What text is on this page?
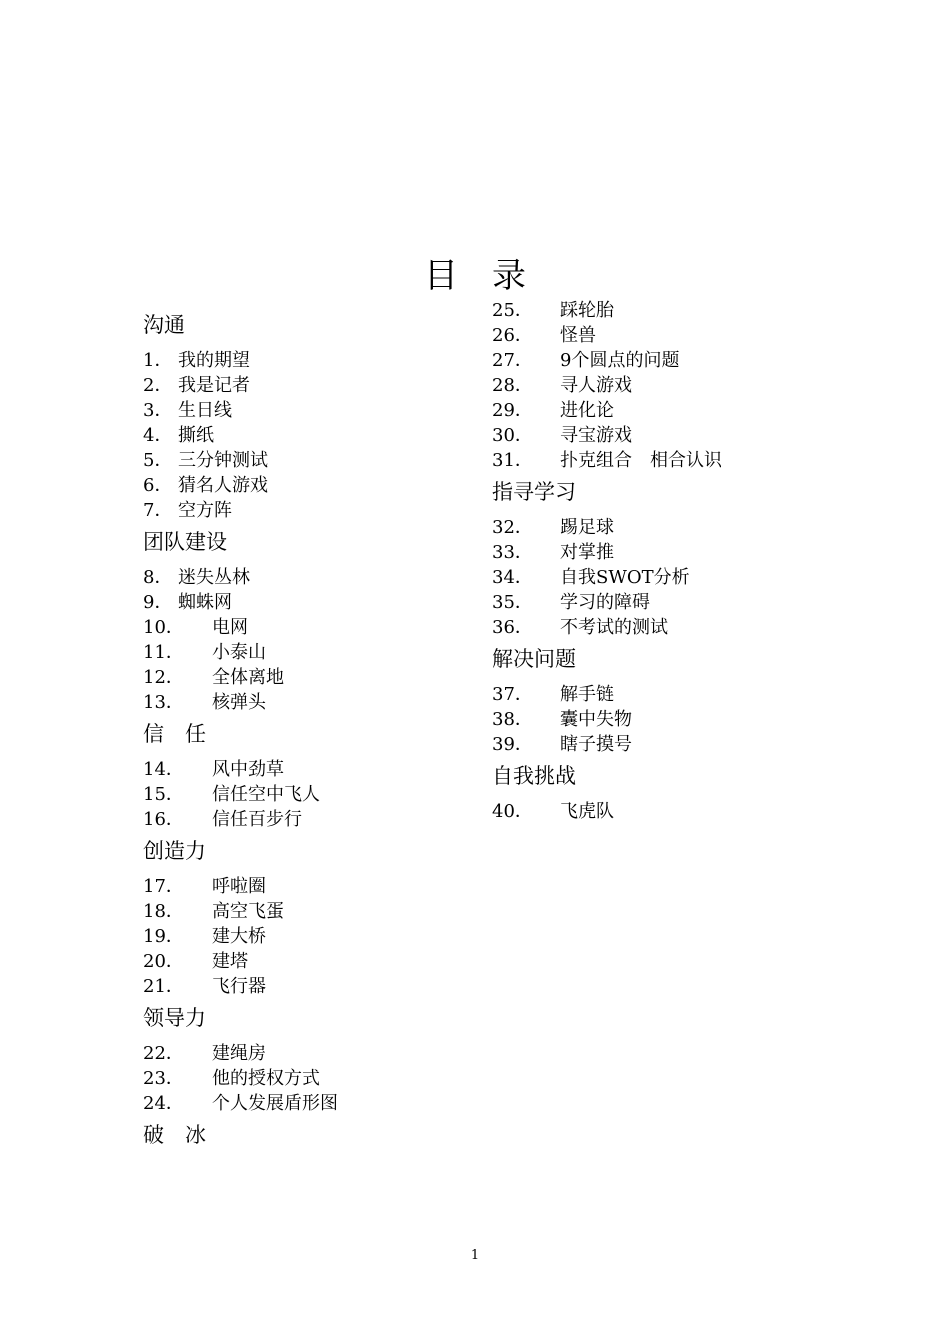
目　录
沟通
1． 我的期望
2． 我是记者
3． 生日线
4． 撕纸
5． 三分钟测试
6． 猜名人游戏
7． 空方阵
团队建设
8． 迷失丛林
9． 蜘蛛网
10． 电网
11． 小泰山
12． 全体离地
13． 核弹头
信　任
14． 风中劲草
15． 信任空中飞人
16． 信任百步行
创造力
17． 呼啦圈
18． 高空飞蛋
19． 建大桥
20． 建塔
21． 飞行器
领导力
22． 建绳房
23． 他的授权方式
24． 个人发展盾形图
破　冰
25． 踩轮胎
26． 怪兽
27． 9个圆点的问题
28． 寻人游戏
29． 进化论
30． 寻宝游戏
31． 扑克组合　相合认识
指寻学习
32． 踢足球
33． 对掌推
34． 自我SWOT分析
35． 学习的障碍
36． 不考试的测试
解决问题
37． 解手链
38． 囊中失物
39． 瞎子摸号
自我挑战
40． 飞虎队
1
